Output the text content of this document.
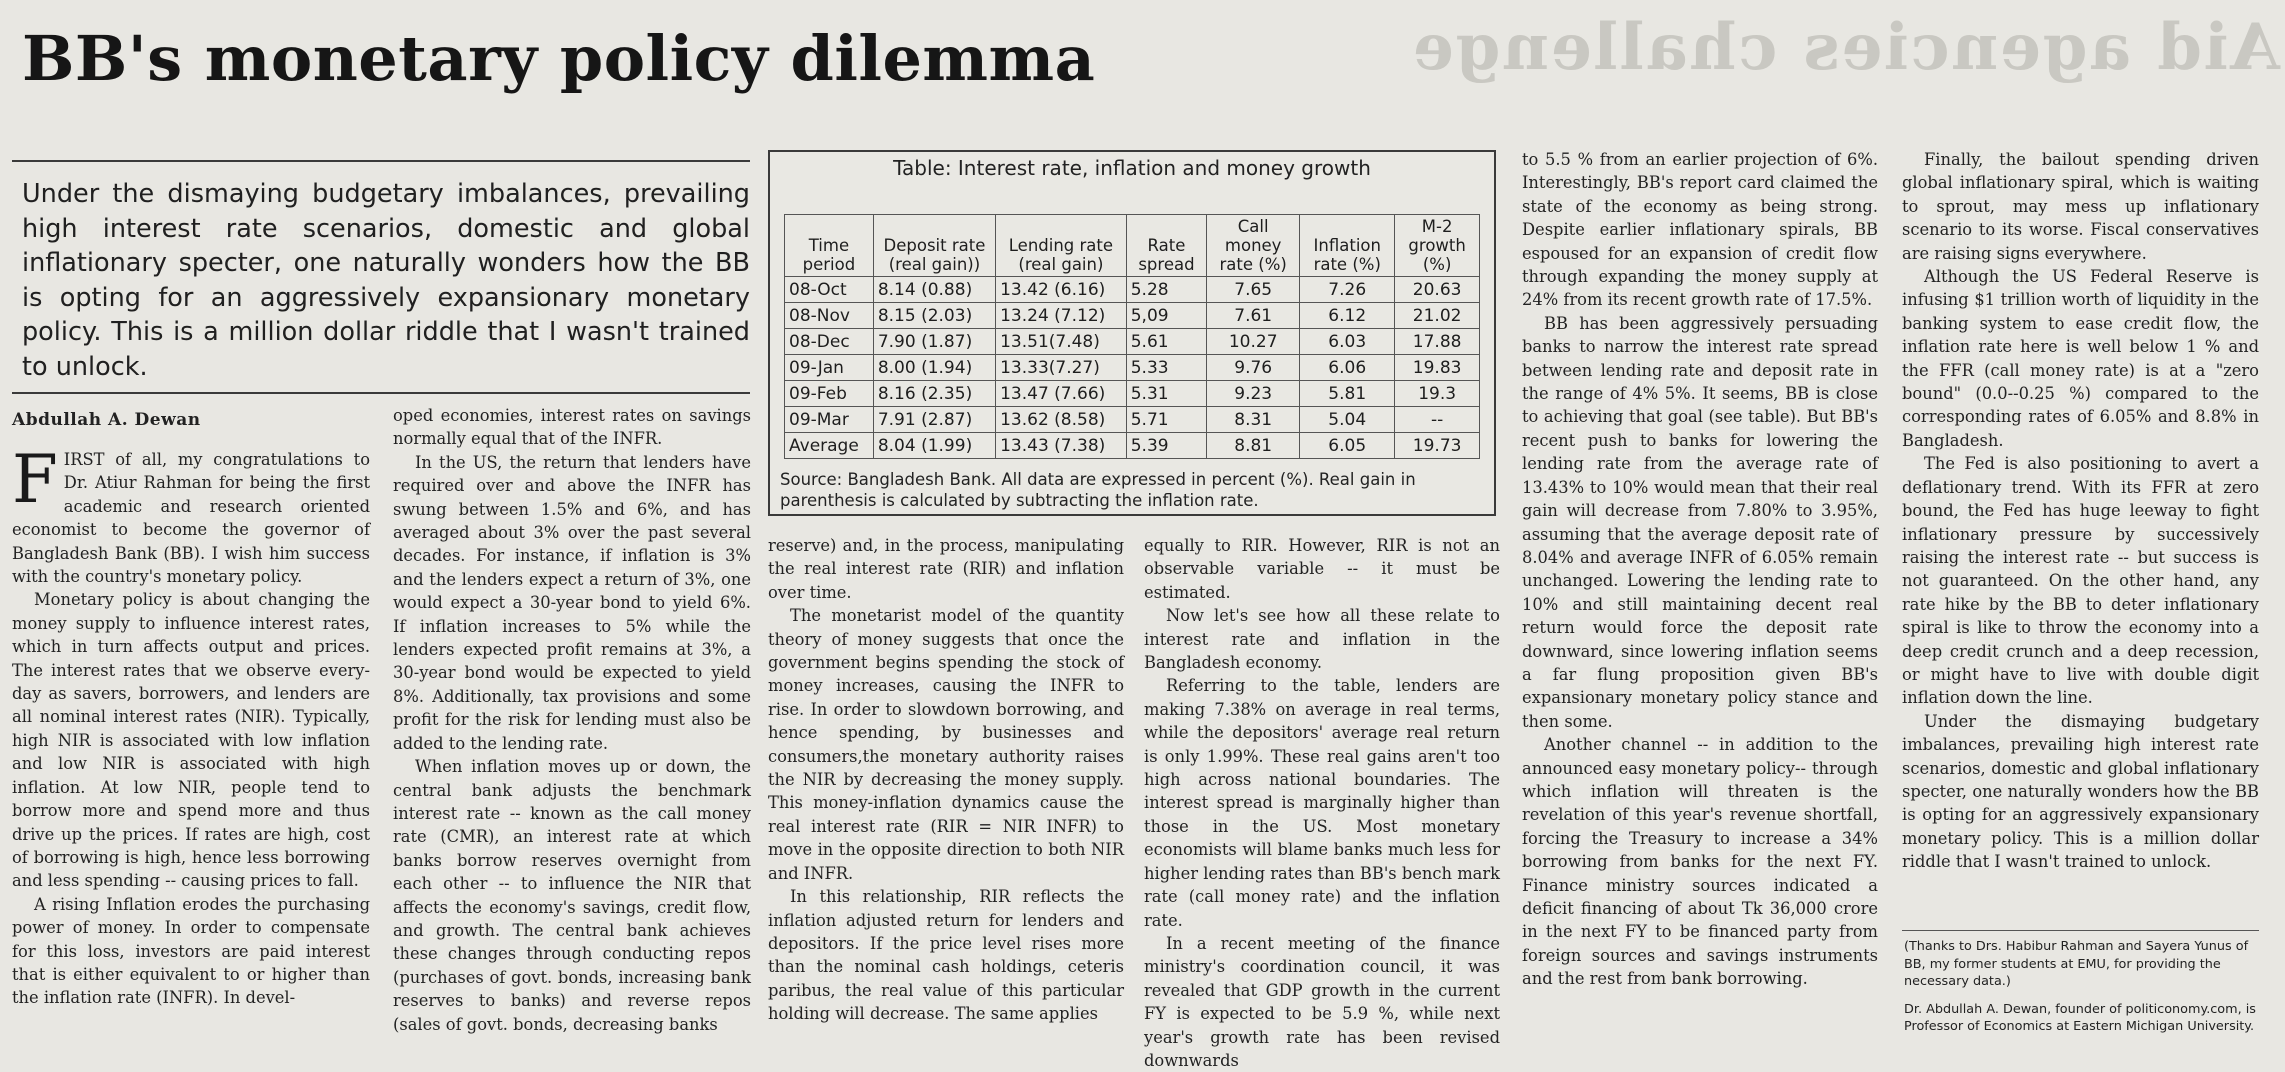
Aid agencies challenge
BB's monetary policy dilemma
Under the dismaying budgetary imbalances, prevailing high interest rate scenarios, domestic and global inflationary specter, one naturally wonders how the BB is opting for an aggressively expansionary monetary policy. This is a million dollar riddle that I wasn't trained to unlock.
Abdullah A. Dewan

FIRST of all, my congratulations to Dr. Atiur Rahman for being the first academic and research oriented economist to become the governor of Bangladesh Bank (BB). I wish him success with the country's monetary policy.

Monetary policy is about changing the money supply to influence interest rates, which in turn affects output and prices. The interest rates that we observe every-day as savers, borrowers, and lenders are all nominal interest rates (NIR). Typically, high NIR is associated with low inflation and low NIR is associated with high inflation. At low NIR, people tend to borrow more and spend more and thus drive up the prices. If rates are high, cost of borrowing is high, hence less borrowing and less spending -- causing prices to fall.

A rising Inflation erodes the purchasing power of money. In order to compensate for this loss, investors are paid interest that is either equivalent to or higher than the inflation rate (INFR). In devel-

oped economies, interest rates on savings normally equal that of the INFR.

In the US, the return that lenders have required over and above the INFR has swung between 1.5% and 6%, and has averaged about 3% over the past several decades. For instance, if inflation is 3% and the lenders expect a return of 3%, one would expect a 30-year bond to yield 6%. If inflation increases to 5% while the lenders expected profit remains at 3%, a 30-year bond would be expected to yield 8%. Additionally, tax provisions and some profit for the risk for lending must also be added to the lending rate.

When inflation moves up or down, the central bank adjusts the benchmark interest rate -- known as the call money rate (CMR), an interest rate at which banks borrow reserves overnight from each other -- to influence the NIR that affects the economy's savings, credit flow, and growth. The central bank achieves these changes through conducting repos (purchases of govt. bonds, increasing bank reserves to banks) and reverse repos (sales of govt. bonds, decreasing banks

Table: Interest rate, inflation and money growth
Time period	Deposit rate (real gain))	Lending rate (real gain)	Rate spread	Call money rate (%)	Inflation rate (%)	M-2 growth (%)
08-Oct	8.14 (0.88)	13.42 (6.16)	5.28	7.65	7.26	20.63
08-Nov	8.15 (2.03)	13.24 (7.12)	5,09	7.61	6.12	21.02
08-Dec	7.90 (1.87)	13.51(7.48)	5.61	10.27	6.03	17.88
09-Jan	8.00 (1.94)	13.33(7.27)	5.33	9.76	6.06	19.83
09-Feb	8.16 (2.35)	13.47 (7.66)	5.31	9.23	5.81	19.3
09-Mar	7.91 (2.87)	13.62 (8.58)	5.71	8.31	5.04	--
Average	8.04 (1.99)	13.43 (7.38)	5.39	8.81	6.05	19.73
Source: Bangladesh Bank. All data are expressed in percent (%). Real gain in parenthesis is calculated by subtracting the inflation rate.

reserve) and, in the process, manipulating the real interest rate (RIR) and inflation over time.

The monetarist model of the quantity theory of money suggests that once the government begins spending the stock of money increases, causing the INFR to rise. In order to slowdown borrowing, and hence spending, by businesses and consumers,the monetary authority raises the NIR by decreasing the money supply. This money-inflation dynamics cause the real interest rate (RIR = NIR INFR) to move in the opposite direction to both NIR and INFR.

In this relationship, RIR reflects the inflation adjusted return for lenders and depositors. If the price level rises more than the nominal cash holdings, ceteris paribus, the real value of this particular holding will decrease. The same applies

equally to RIR. However, RIR is not an observable variable -- it must be estimated.

Now let's see how all these relate to interest rate and inflation in the Bangladesh economy.

Referring to the table, lenders are making 7.38% on average in real terms, while the depositors' average real return is only 1.99%. These real gains aren't too high across national boundaries. The interest spread is marginally higher than those in the US. Most monetary economists will blame banks much less for higher lending rates than BB's bench mark rate (call money rate) and the inflation rate.

In a recent meeting of the finance ministry's coordination council, it was revealed that GDP growth in the current FY is expected to be 5.9 %, while next year's growth rate has been revised downwards

to 5.5 % from an earlier projection of 6%. Interestingly, BB's report card claimed the state of the economy as being strong. Despite earlier inflationary spirals, BB espoused for an expansion of credit flow through expanding the money supply at 24% from its recent growth rate of 17.5%.

BB has been aggressively persuading banks to narrow the interest rate spread between lending rate and deposit rate in the range of 4% 5%. It seems, BB is close to achieving that goal (see table). But BB's recent push to banks for lowering the lending rate from the average rate of 13.43% to 10% would mean that their real gain will decrease from 7.80% to 3.95%, assuming that the average deposit rate of 8.04% and average INFR of 6.05% remain unchanged. Lowering the lending rate to 10% and still maintaining decent real return would force the deposit rate downward, since lowering inflation seems a far flung proposition given BB's expansionary monetary policy stance and then some.

Another channel -- in addition to the announced easy monetary policy-- through which inflation will threaten is the revelation of this year's revenue shortfall, forcing the Treasury to increase a 34% borrowing from banks for the next FY. Finance ministry sources indicated a deficit financing of about Tk 36,000 crore in the next FY to be financed party from foreign sources and savings instruments and the rest from bank borrowing.

Finally, the bailout spending driven global inflationary spiral, which is waiting to sprout, may mess up inflationary scenario to its worse. Fiscal conservatives are raising signs everywhere.

Although the US Federal Reserve is infusing $1 trillion worth of liquidity in the banking system to ease credit flow, the inflation rate here is well below 1 % and the FFR (call money rate) is at a "zero bound" (0.0--0.25 %) compared to the corresponding rates of 6.05% and 8.8% in Bangladesh.

The Fed is also positioning to avert a deflationary trend. With its FFR at zero bound, the Fed has huge leeway to fight inflationary pressure by successively raising the interest rate -- but success is not guaranteed. On the other hand, any rate hike by the BB to deter inflationary spiral is like to throw the economy into a deep credit crunch and a deep recession, or might have to live with double digit inflation down the line.

Under the dismaying budgetary imbalances, prevailing high interest rate scenarios, domestic and global inflationary specter, one naturally wonders how the BB is opting for an aggressively expansionary monetary policy. This is a million dollar riddle that I wasn't trained to unlock.

(Thanks to Drs. Habibur Rahman and Sayera Yunus of BB, my former students at EMU, for providing the necessary data.)

Dr. Abdullah A. Dewan, founder of politiconomy.com, is Professor of Economics at Eastern Michigan University.
